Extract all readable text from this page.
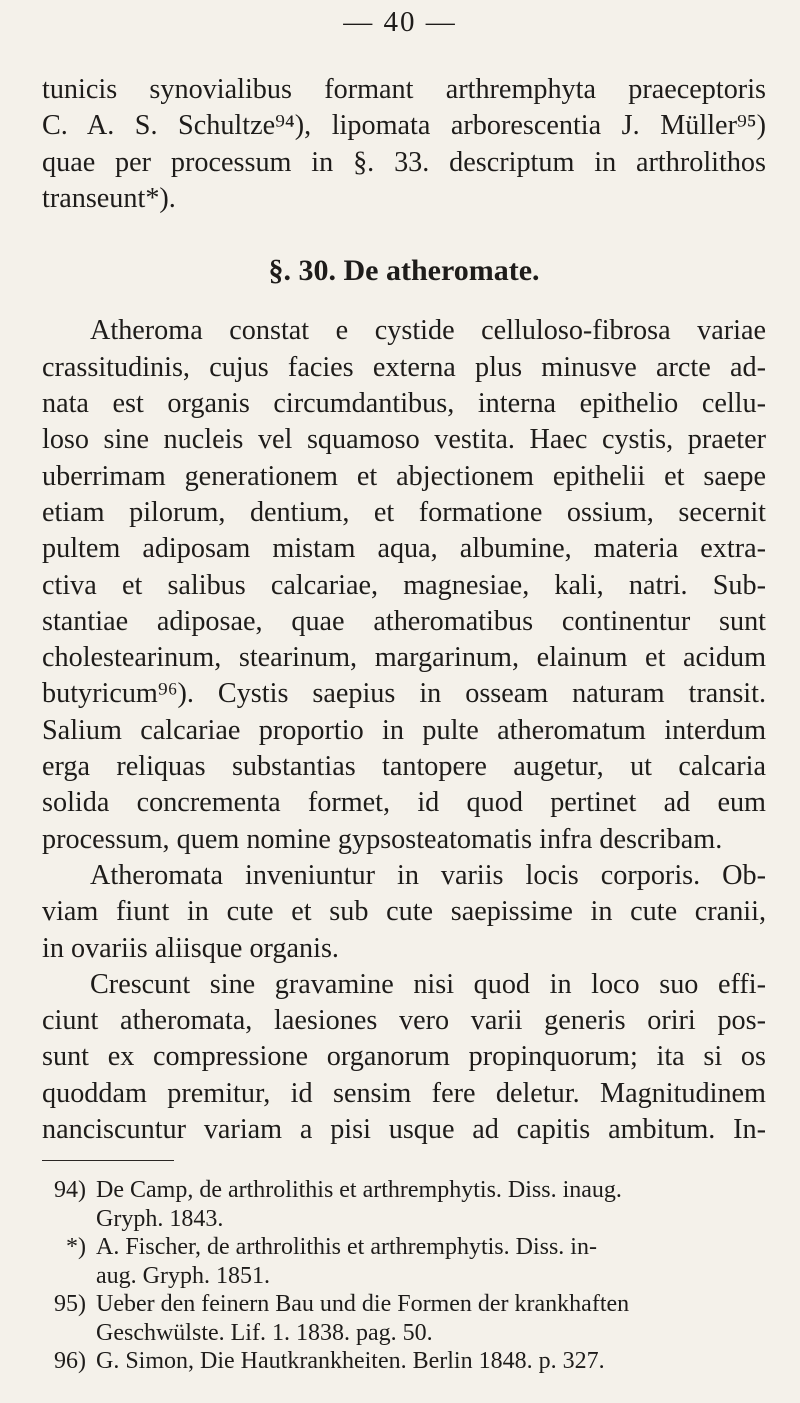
— 40 —
tunicis synovialibus formant arthremphyta praeceptoris
C. A. S. Schultze⁹⁴), lipomata arborescentia J. Müller⁹⁵)
quae per processum in §. 33. descriptum in arthrolithos
transeunt*).
§. 30. De atheromate.
Atheroma constat e cystide celluloso-fibrosa variae
crassitudinis, cujus facies externa plus minusve arcte ad-
nata est organis circumdantibus, interna epithelio cellu-
loso sine nucleis vel squamoso vestita. Haec cystis, praeter
uberrimam generationem et abjectionem epithelii et saepe
etiam pilorum, dentium, et formatione ossium, secernit
pultem adiposam mistam aqua, albumine, materia extra-
ctiva et salibus calcariae, magnesiae, kali, natri. Sub-
stantiae adiposae, quae atheromatibus continentur sunt
cholestearinum, stearinum, margarinum, elainum et acidum
butyricum⁹⁶). Cystis saepius in osseam naturam transit.
Salium calcariae proportio in pulte atheromatum interdum
erga reliquas substantias tantopere augetur, ut calcaria
solida concrementa formet, id quod pertinet ad eum
processum, quem nomine gypsosteatomatis infra describam.
Atheromata inveniuntur in variis locis corporis. Ob-
viam fiunt in cute et sub cute saepissime in cute cranii,
in ovariis aliisque organis.
Crescunt sine gravamine nisi quod in loco suo effi-
ciunt atheromata, laesiones vero varii generis oriri pos-
sunt ex compressione organorum propinquorum; ita si os
quoddam premitur, id sensim fere deletur. Magnitudinem
nanciscuntur variam a pisi usque ad capitis ambitum. In-
94) De Camp, de arthrolithis et arthremphytis. Diss. inaug.
Gryph. 1843.
*) A. Fischer, de arthrolithis et arthremphytis. Diss. in-
aug. Gryph. 1851.
95) Ueber den feinern Bau und die Formen der krankhaften
Geschwülste. Lif. 1. 1838. pag. 50.
96) G. Simon, Die Hautkrankheiten. Berlin 1848. p. 327.
